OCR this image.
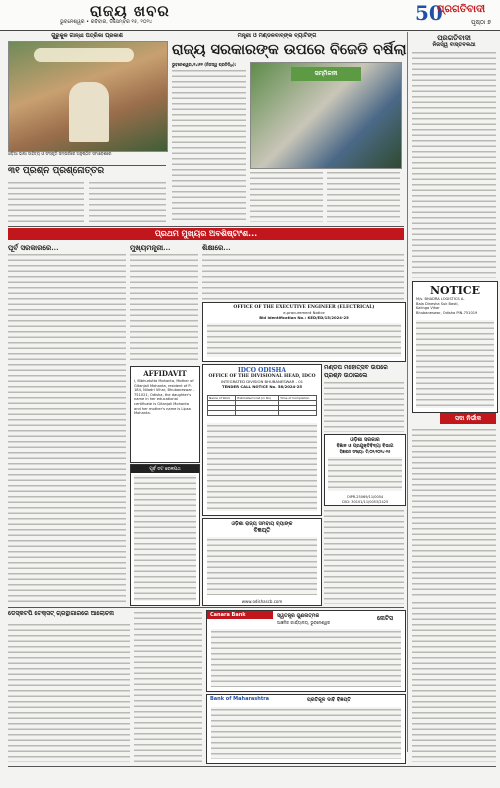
ରାଜ୍ୟ ଖବର
ଭୁବନେଶ୍ୱର • ରବିବାର, ଡିସେମ୍ବର ୧୫, ୨୦୨୪	50
ପ୍ରଗତିବାଦୀ
ପୃଷ୍ଠା ୭
ଗୁରୁକୁଳ ଗାନ୍ଧୀ ପତ୍ରିକା ପ୍ରକାଶ
ଓଡ଼ିଆ ଭାଷା ସାହିତ୍ୟ ଓ ସଂସ୍କୃତି ସମ୍ପର୍କରେ ଅନୁଷ୍ଠିତ ସମାବେଶରେ
୩୧ ପ୍ରଶ୍ନ ପ୍ରଶ୍ନୋତ୍ତର
ମନ୍ତ୍ରୀ ଓ ମଣ୍ଡଳବାବ୍ଙ୍କ ବ୍ୟାଟିଙ୍ଗ
ରାଜ୍ୟ ସରକାରଙ୍କ ଉପରେ ବିଜେଡି ବର୍ଷିଲା
ଭୁବନେଶ୍ୱର,୧୪ା୧୨ (ନିଜସ୍ୱ ପ୍ରତିନିଧି):
ସମ୍ମିଳନୀ
ପ୍ରଗତିବାଦୀ
ନିଜସ୍ୱ ବାସ୍ତବକଥା
NOTICE
M/s. BHADRA LOGISTICS A-
Bala Dinesha Suk Basti,
Kalinga Vihar
Bhubaneswar, Odisha PIN-751019
ସଦା ନିର୍ଭୀକ
ପ୍ରଥମ ମୁଖ୍ୟର ଅବଶିଷ୍ଟାଂଶ...
ପୂର୍ବ ସରକାରରେ...	ମୁଖ୍ୟମନ୍ତ୍ରୀ...
AFFIDAVIT
I, Bibhudutta Mohanta, Mother of Gitanjali Mohanta, resident of P-184, Niladri Vihar, Bhubaneswar - 751021, Odisha, the daughter's name in her educational certificate is Gitanjali Mohanta and her mother's name is Lipsa Mohanta.
ପୂର୍ବ ତଟ ରେଳପଥ
ଶିକ୍ଷାରେ...
OFFICE OF THE EXECUTIVE ENGINEER (ELECTRICAL)
e-procurement Notice
Bid Identification No.: KED/ED/15/2024-25
IDCO ODISHA
OFFICE OF THE DIVISIONAL HEAD, IDCO
INTEGRATED DIVISION BHUBANESWAR - 01
TENDER CALL NOTICE No. 58/2024-25
Name of Work	Estimated Cost (in Rs)	Time of Completion

ଓଡ଼ିଶା ରାଜ୍ୟ ସମବାୟ ବ୍ୟାଙ୍କ
ବିଜ୍ଞପ୍ତି
www.odishascb.com
ମଣ୍ଡପ ମହୋତ୍ସବ ଉପରେ ପ୍ରଶ୍ନ ଉଠାଇଲେ
ଓଡ଼ିଶା ସରକାର
ବିଜ୍ଞାନ ଓ ପ୍ରଯୁକ୍ତିବିଦ୍ୟା ବିଭାଗ
ବିଜ୍ଞାପନ ସଂଖ୍ୟା: ଟି/୦୨/୨୦୨୪-୨୫
OIPR-25069/11/0054
CIID: 30101/11/0053/2425
ଡେସ୍କଟପି ଟେକ୍ସଟ୍ ଗ୍ରନ୍ଥାଗାରରେ ଆଲୋଚନା	Canara Bank	ସ୍ୱତନ୍ତ୍ର ଗୁଣନାତ୍ମକ
ଆଞ୍ଚଳିକ କାର୍ଯ୍ୟାଳୟ, ଭୁବନେଶ୍ୱର
ନୋଟିସ
Bank of Maharashtra	ପ୍ରତିକୂଳ ଦାବି ବିଜ୍ଞପ୍ତି
